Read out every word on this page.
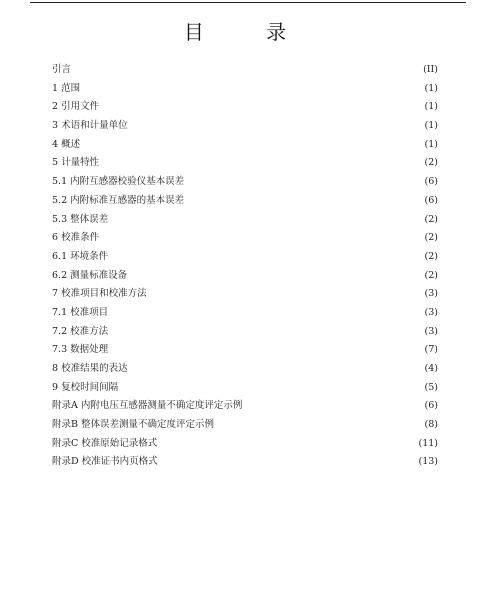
目 录
引言	(II)
1 范围	(1)
2 引用文件	(1)
3 术语和计量单位	(1)
4 概述	(1)
5 计量特性	(2)
5.1 内附互感器校验仪基本误差	(6)
5.2 内附标准互感器的基本误差	(6)
5.3 整体误差	(2)
6 校准条件	(2)
6.1 环境条件	(2)
6.2 测量标准设备	(2)
7 校准项目和校准方法	(3)
7.1 校准项目	(3)
7.2 校准方法	(3)
7.3 数据处理	(7)
8 校准结果的表达	(4)
9 复校时间间隔	(5)
附录A 内附电压互感器测量不确定度评定示例	(6)
附录B 整体误差测量不确定度评定示例	(8)
附录C 校准原始记录格式	(11)
附录D 校准证书内页格式	(13)
